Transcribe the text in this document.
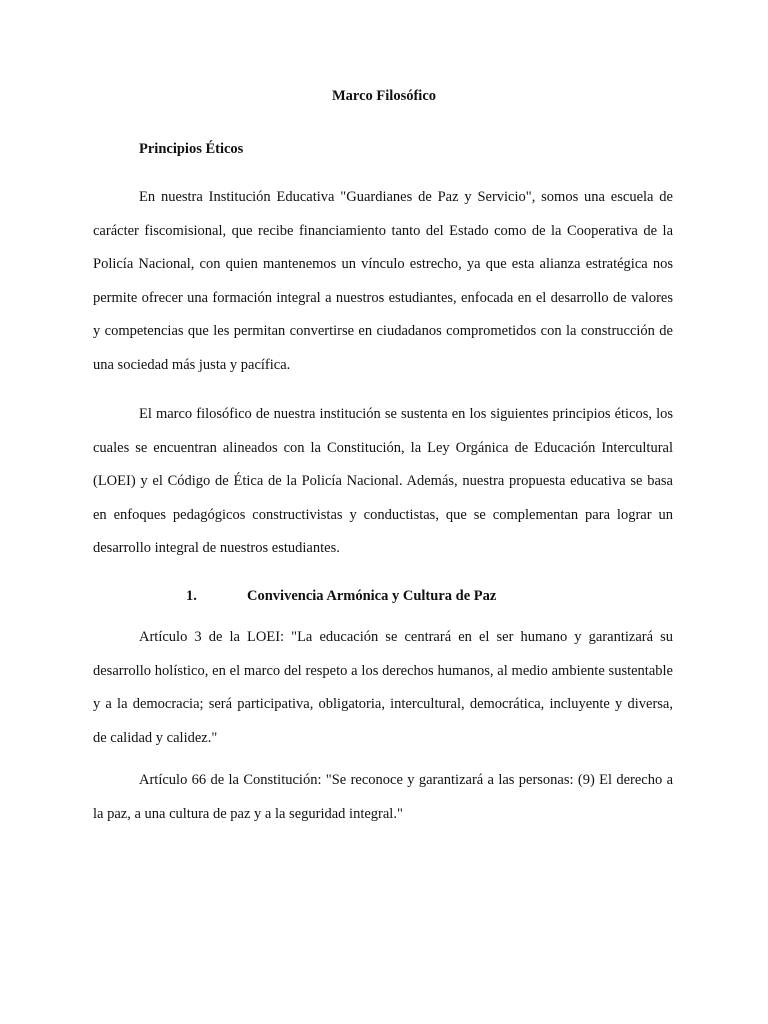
Marco Filosófico
Principios Éticos

En nuestra Institución Educativa "Guardianes de Paz y Servicio", somos una escuela de carácter fiscomisional, que recibe financiamiento tanto del Estado como de la Cooperativa de la Policía Nacional, con quien mantenemos un vínculo estrecho, ya que esta alianza estratégica nos permite ofrecer una formación integral a nuestros estudiantes, enfocada en el desarrollo de valores y competencias que les permitan convertirse en ciudadanos comprometidos con la construcción de una sociedad más justa y pacífica.

El marco filosófico de nuestra institución se sustenta en los siguientes principios éticos, los cuales se encuentran alineados con la Constitución, la Ley Orgánica de Educación Intercultural (LOEI) y el Código de Ética de la Policía Nacional. Además, nuestra propuesta educativa se basa en enfoques pedagógicos constructivistas y conductistas, que se complementan para lograr un desarrollo integral de nuestros estudiantes.

1.	Convivencia Armónica y Cultura de Paz

Artículo 3 de la LOEI: "La educación se centrará en el ser humano y garantizará su desarrollo holístico, en el marco del respeto a los derechos humanos, al medio ambiente sustentable y a la democracia; será participativa, obligatoria, intercultural, democrática, incluyente y diversa, de calidad y calidez."

Artículo 66 de la Constitución: "Se reconoce y garantizará a las personas: (9) El derecho a la paz, a una cultura de paz y a la seguridad integral."
